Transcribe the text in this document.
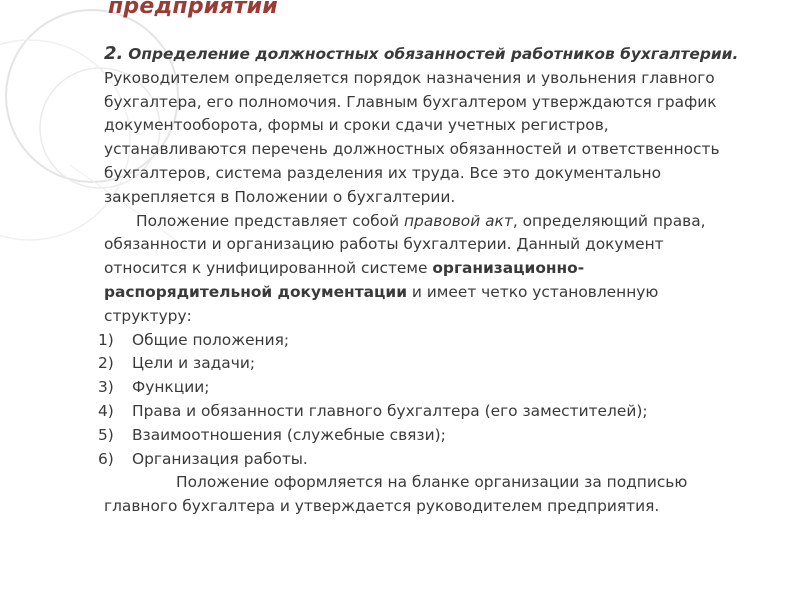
предприятии

2. Определение должностных обязанностей работников бухгалтерии. Руководителем определяется порядок назначения и увольнения главного бухгалтера, его полномочия. Главным бухгалтером утверждаются график документооборота, формы и сроки сдачи учетных регистров, устанавливаются перечень должностных обязанностей и ответственность бухгалтеров, система разделения их труда. Все это документально закрепляется в Положении о бухгалтерии.

Положение представляет собой правовой акт, определяющий права, обязанности и организацию работы бухгалтерии. Данный документ относится к унифицированной системе организационно- распорядительной документации и имеет четко установленную структуру:

1)	Общие положения;
2)	Цели и задачи;
3)	Функции;
4)	Права и обязанности главного бухгалтера (его заместителей);
5)	Взаимоотношения (служебные связи);
6)	Организация работы.

Положение оформляется на бланке организации за подписью главного бухгалтера и утверждается руководителем предприятия.
